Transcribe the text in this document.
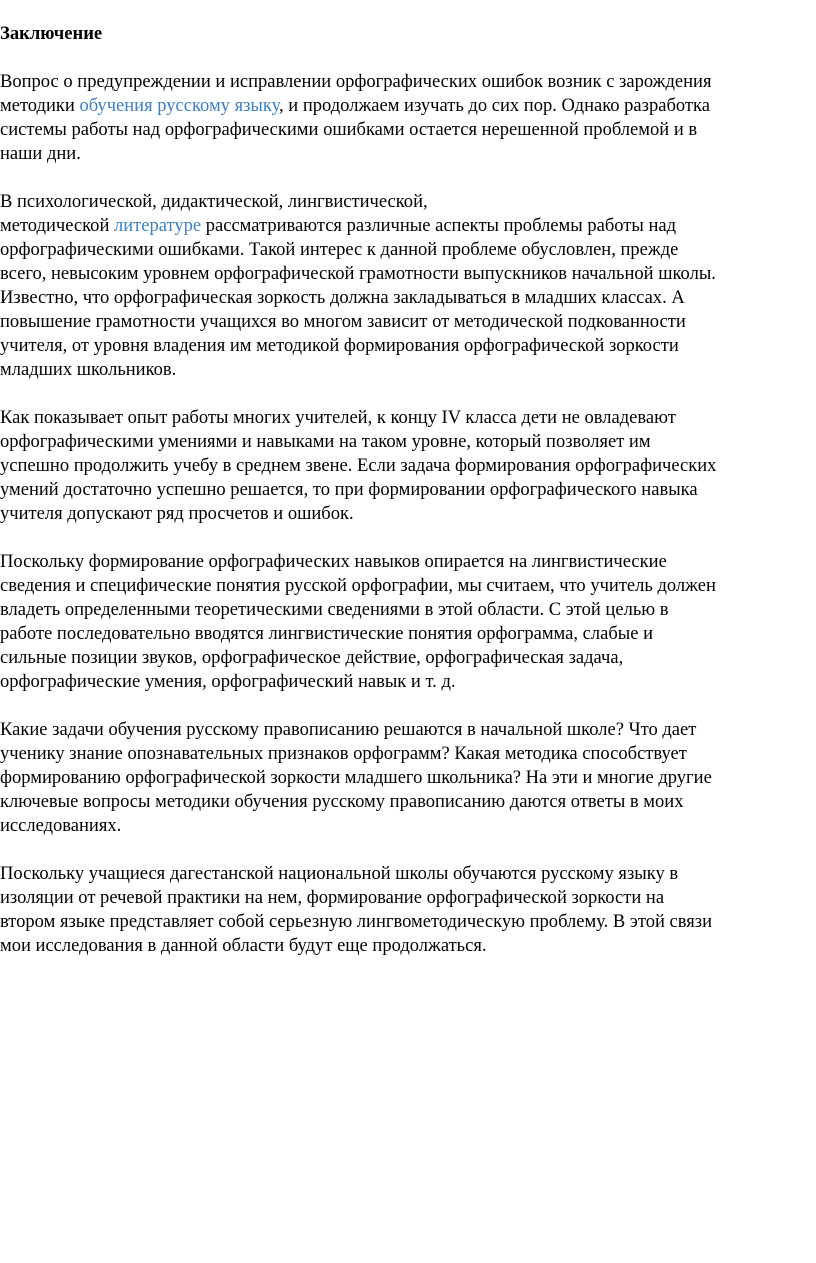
Заключение
Вопрос о предупреждении и исправлении орфографических ошибок возник с зарождения
методики обучения русскому языку, и продолжаем изучать до сих пор. Однако разработка
системы работы над орфографическими ошибками остается нерешенной проблемой и в
наши дни.
В психологической, дидактической, лингвистической,
методической литературе рассматриваются различные аспекты проблемы работы над
орфографическими ошибками. Такой интерес к данной проблеме обусловлен, прежде
всего, невысоким уровнем орфографической грамотности выпускников начальной школы.
Известно, что орфографическая зоркость должна закладываться в младших классах. А
повышение грамотности учащихся во многом зависит от методической подкованности
учителя, от уровня владения им методикой формирования орфографической зоркости
младших школьников.
Как показывает опыт работы многих учителей, к концу IV класса дети не овладевают
орфографическими умениями и навыками на таком уровне, который позволяет им
успешно продолжить учебу в среднем звене. Если задача формирования орфографических
умений достаточно успешно решается, то при формировании орфографического навыка
учителя допускают ряд просчетов и ошибок.
Поскольку формирование орфографических навыков опирается на лингвистические
сведения и специфические понятия русской орфографии, мы считаем, что учитель должен
владеть определенными теоретическими сведениями в этой области. С этой целью в
работе последовательно вводятся лингвистические понятия орфограмма, слабые и
сильные позиции звуков, орфографическое действие, орфографическая задача,
орфографические умения, орфографический навык и т. д.
Какие задачи обучения русскому правописанию решаются в начальной школе? Что дает
ученику знание опознавательных признаков орфограмм? Какая методика способствует
формированию орфографической зоркости младшего школьника? На эти и многие другие
ключевые вопросы методики обучения русскому правописанию даются ответы в моих
исследованиях.
Поскольку учащиеся дагестанской национальной школы обучаются русскому языку в
изоляции от речевой практики на нем, формирование орфографической зоркости на
втором языке представляет собой серьезную лингвометодическую проблему. В этой связи
мои исследования в данной области будут еще продолжаться.
